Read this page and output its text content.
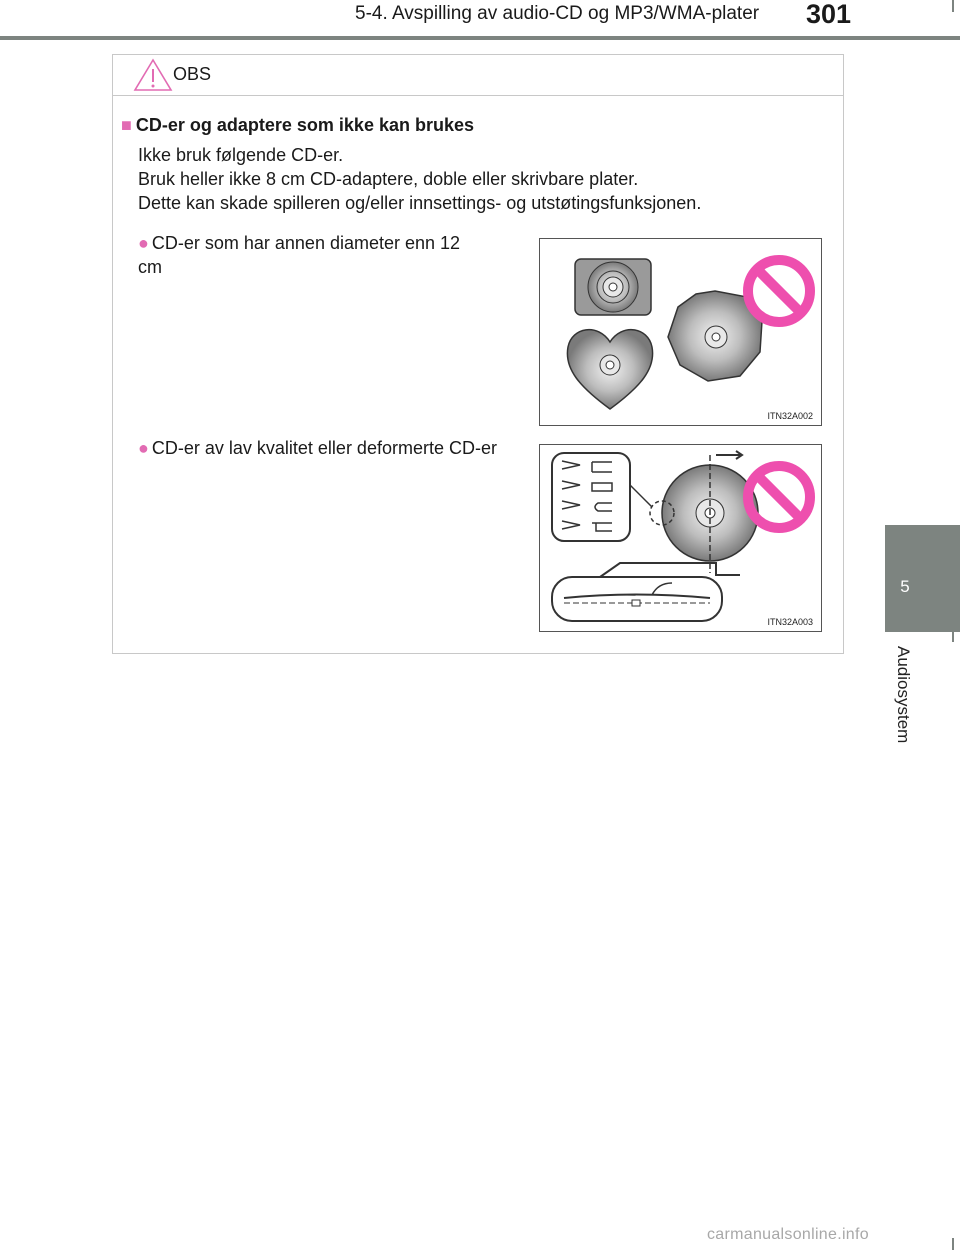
5-4. Avspilling av audio-CD og MP3/WMA-plater 301
5
Audiosystem
OBS
■ CD-er og adaptere som ikke kan brukes
Ikke bruk følgende CD-er.
Bruk heller ikke 8 cm CD-adaptere, doble eller skrivbare plater.
Dette kan skade spilleren og/eller innsettings- og utstøtingsfunksjonen.
● CD-er som har annen diameter enn 12 cm
ITN32A002
● CD-er av lav kvalitet eller deformerte CD-er
ITN32A003
carmanualsonline.info
